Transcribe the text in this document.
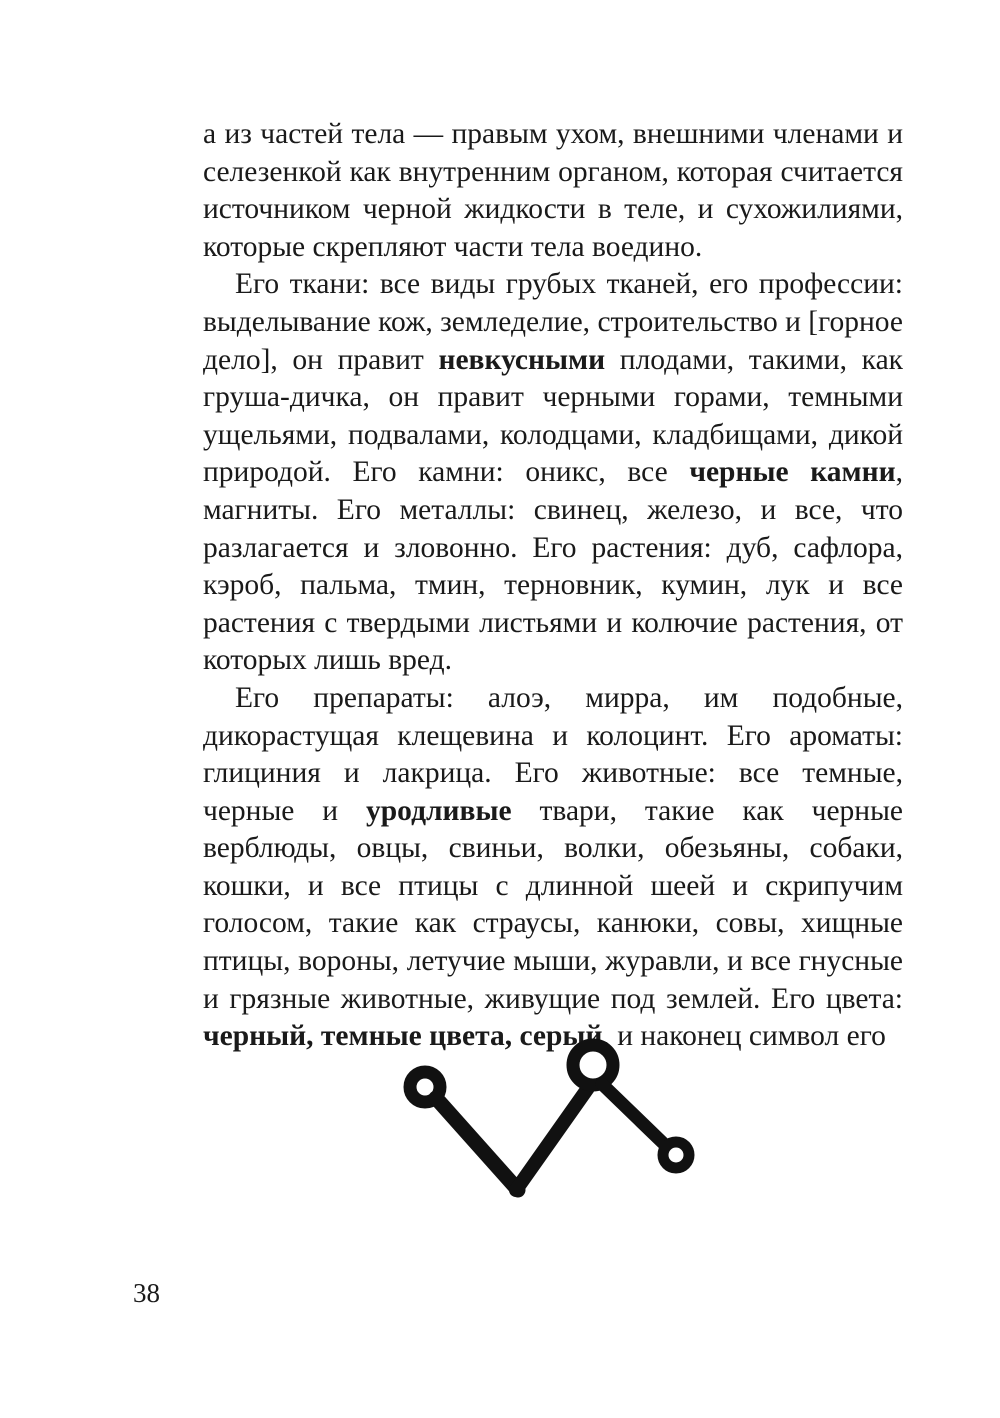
а из частей тела — правым ухом, внешними членами и селезенкой как внутренним органом, которая считается источником черной жидкости в теле, и сухожилиями, которые скрепляют части тела воедино.

Его ткани: все виды грубых тканей, его профессии: выделывание кож, земледелие, строительство и [горное дело], он правит невкусными плодами, такими, как груша-дичка, он правит черными горами, темными ущельями, подвалами, колодцами, кладбищами, дикой природой. Его камни: оникс, все черные камни, магниты. Его металлы: свинец, железо, и все, что разлагается и зловонно. Его растения: дуб, сафлора, кэроб, пальма, тмин, терновник, кумин, лук и все растения с твердыми листьями и колючие растения, от которых лишь вред.

Его препараты: алоэ, мирра, им подобные, дикорастущая клещевина и колоцинт. Его ароматы: глициния и лакрица. Его животные: все темные, черные и уродливые твари, такие как черные верблюды, овцы, свиньи, волки, обезьяны, собаки, кошки, и все птицы с длинной шеей и скрипучим голосом, такие как страусы, канюки, совы, хищные птицы, вороны, летучие мыши, журавли, и все гнусные и грязные животные, живущие под землей. Его цвета: черный, темные цвета, серый, и наконец символ его

38
